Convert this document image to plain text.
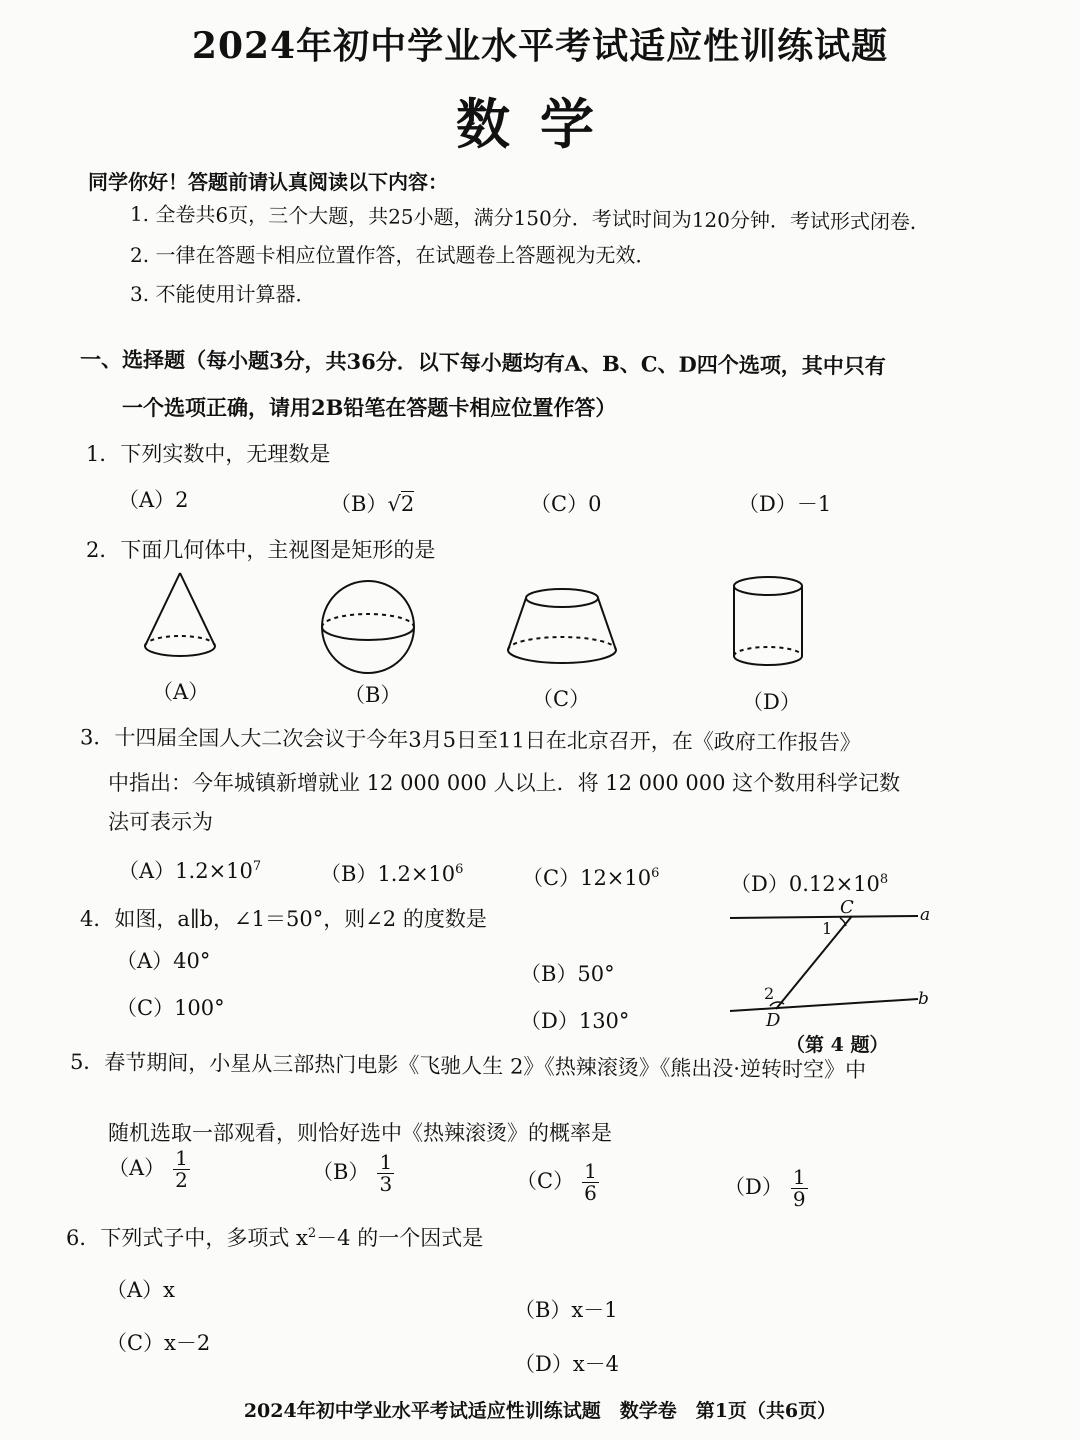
2024年初中学业水平考试适应性训练试题
数学
同学你好！答题前请认真阅读以下内容：
1. 全卷共6页，三个大题，共25小题，满分150分．考试时间为120分钟．考试形式闭卷．
2. 一律在答题卡相应位置作答，在试题卷上答题视为无效．
3. 不能使用计算器．
一、选择题（每小题3分，共36分．以下每小题均有A、B、C、D四个选项，其中只有
一个选项正确，请用2B铅笔在答题卡相应位置作答）
1．下列实数中，无理数是
（A）2	（B）√2	（C）0	（D）－1
2．下面几何体中，主视图是矩形的是
（A）	（B）	（C）	（D）
3．十四届全国人大二次会议于今年3月5日至11日在北京召开，在《政府工作报告》
中指出：今年城镇新增就业 12 000 000 人以上．将 12 000 000 这个数用科学记数
法可表示为
$(A)1.2\times 10^7$	$(B)1.2\times 10^6$	$(C)12\times 10^6$	$(D)0.12\times 10^8$
4．如图，a∥b，∠1＝50°，则∠2 的度数是
（A）40°
（B）50°
（C）100°
（D）130°
C	a
1
2	b
D
（第 4 题）
5．春节期间，小星从三部热门电影《飞驰人生 2》《热辣滚烫》《熊出没·逆转时空》中
随机选取一部观看，则恰好选中《热辣滚烫》的概率是
$(A) \frac{1}{2}$	$(B) \frac{1}{3}$	$(C) \frac{1}{6}$	$(D) \frac{1}{9}$
6．下列式子中，多项式 $x^2-4$ 的一个因式是
（A）x
（B）x－1
（C）x－2
（D）x－4
2024年初中学业水平考试适应性训练试题　数学卷　第1页（共6页）
